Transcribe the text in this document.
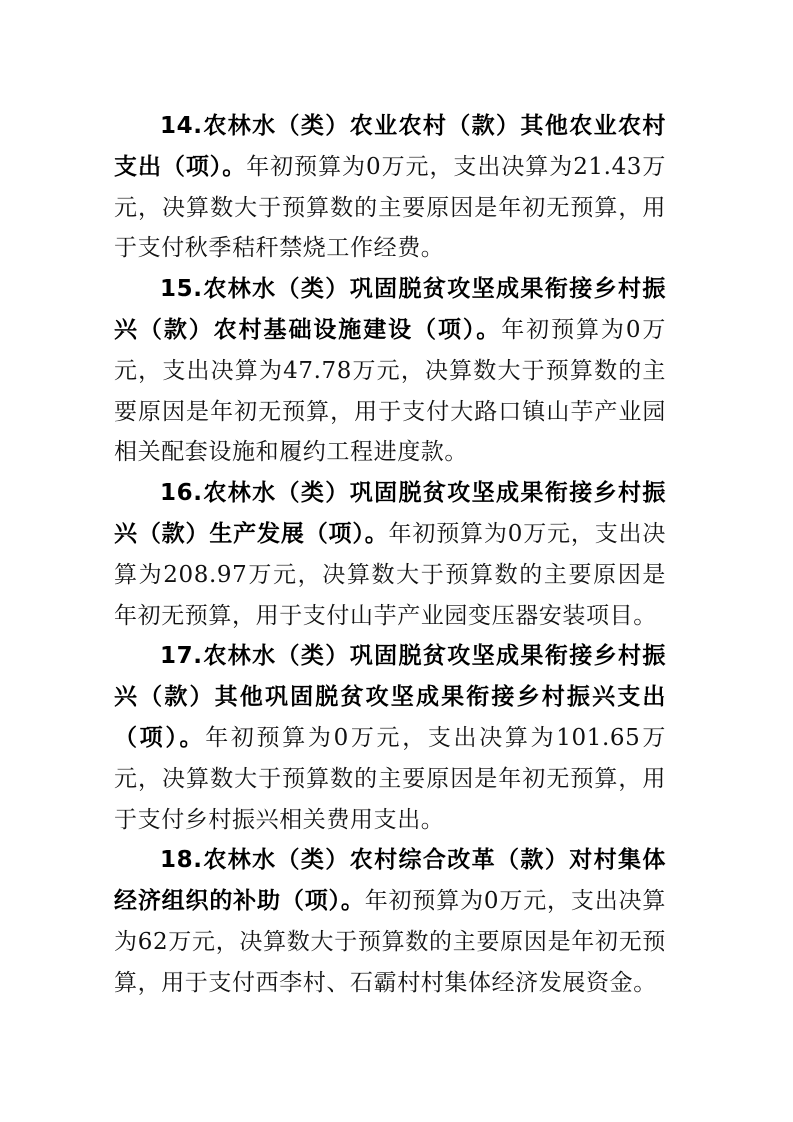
14.农林水（类）农业农村（款）其他农业农村支出（项）。年初预算为0万元，支出决算为21.43万元，决算数大于预算数的主要原因是年初无预算，用于支付秋季秸秆禁烧工作经费。

15.农林水（类）巩固脱贫攻坚成果衔接乡村振兴（款）农村基础设施建设（项）。年初预算为0万元，支出决算为47.78万元，决算数大于预算数的主要原因是年初无预算，用于支付大路口镇山芋产业园相关配套设施和履约工程进度款。

16.农林水（类）巩固脱贫攻坚成果衔接乡村振兴（款）生产发展（项）。年初预算为0万元，支出决算为208.97万元，决算数大于预算数的主要原因是年初无预算，用于支付山芋产业园变压器安装项目。

17.农林水（类）巩固脱贫攻坚成果衔接乡村振兴（款）其他巩固脱贫攻坚成果衔接乡村振兴支出（项）。年初预算为0万元，支出决算为101.65万元，决算数大于预算数的主要原因是年初无预算，用于支付乡村振兴相关费用支出。

18.农林水（类）农村综合改革（款）对村集体经济组织的补助（项）。年初预算为0万元，支出决算为62万元，决算数大于预算数的主要原因是年初无预算，用于支付西李村、石霸村村集体经济发展资金。
